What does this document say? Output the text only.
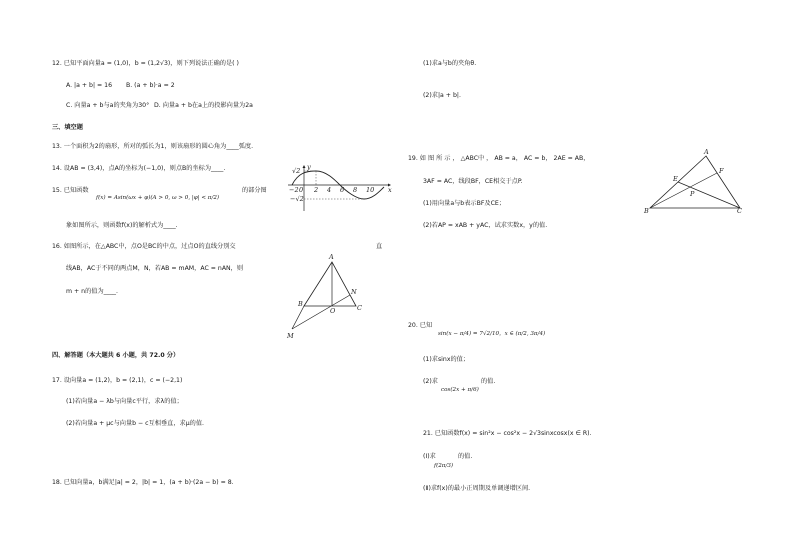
12. 已知平面向量a = (1,0)，b = (1,2√3)，则下列说法正确的是( )
A. |a + b| = 16 B. (a + b)·a = 2
C. 向量a + b与a的夹角为30° D. 向量a + b在a上的投影向量为2a
三、填空题
13. 一个面积为2的扇形，所对的弧长为1，则该扇形的圆心角为____弧度.
14. 设AB = (3,4)，点A的坐标为(−1,0)，则点B的坐标为____.
15. 已知函数
f(x) = Asin(ωx + φ)(A > 0, ω > 0, |φ| < π/2)
的部分图
象如图所示，则函数f(x)的解析式为____.
y
x
√2
−√2
−2 0 2 4 6 8 10
16. 如图所示，在△ABC中，点O是BC的中点，过点O的直线分别交	直
线AB，AC于不同的两点M，N，若AB = mAM，AC = nAN，则
m + n的值为____.
A
B	C
O
N
M
四、解答题（本大题共 6 小题，共 72.0 分）
17. 设向量a = (1,2)，b = (2,1)，c = (−2,1)
(1)若向量a − λb与向量c平行，求λ的值；
(2)若向量a + μc与向量b − c互相垂直，求μ的值.
18. 已知向量a，b满足|a| = 2，|b| = 1，(a + b)·(2a − b) = 8.
(1)求a与b的夹角θ.
(2)求|a + b|.
19. 如 图 所 示 ， △ABC中 ， AB = a， AC = b， 2AE = AB，
3AF = AC，线段BF，CE相交于点P.
(1)用向量a与b表示BF及CE；
(2)若AP = xAB + yAC，试求实数x，y的值.
A
B	C
E
F
P
20. 已知
sin(x − π/4) = 7√2/10，x ∈ (π/2, 3π/4)
(1)求sinx的值；
(2)求
cos(2x + π/6)
的值.
21. 已知函数f(x) = sin²x − cos²x − 2√3sinxcosx(x ∈ R).
(Ⅰ)求
f(2π/3)
的值.
(Ⅱ)求f(x)的最小正周期及单调递增区间.
